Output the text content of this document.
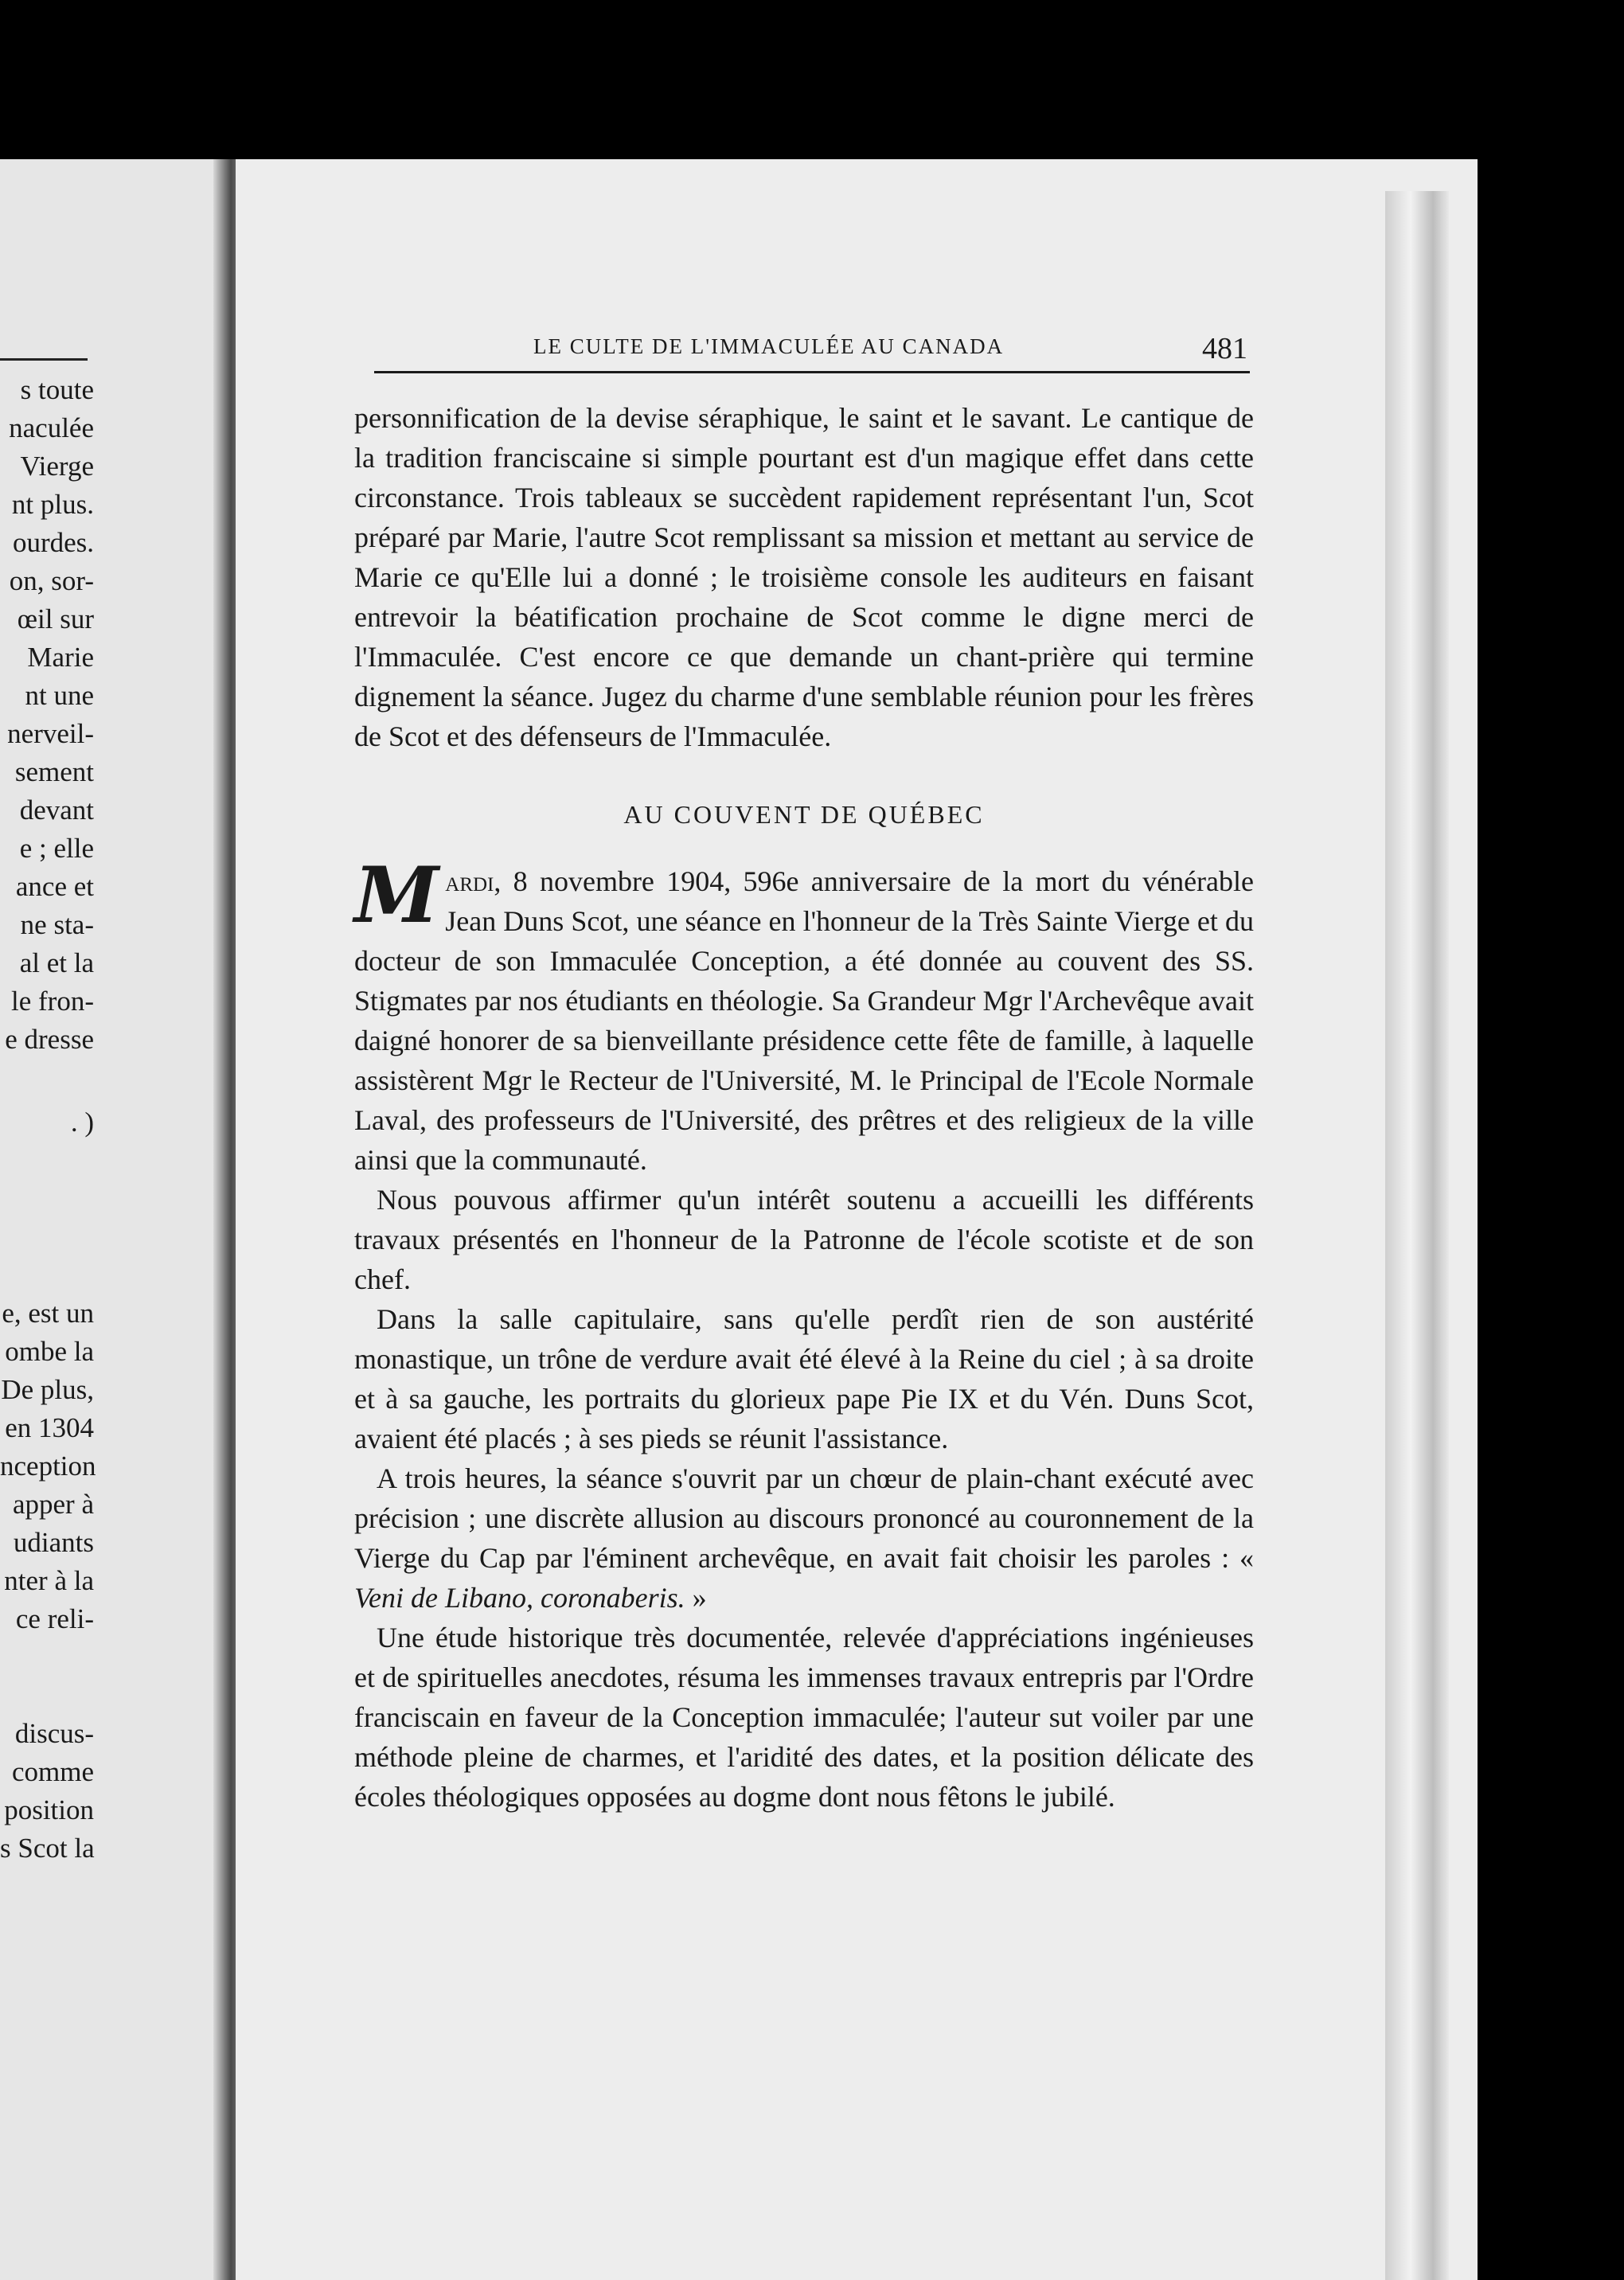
s toute
naculée
Vierge
nt plus.
ourdes.
on, sor-
œil sur
Marie
nt une
nerveil-
sement
devant
e ; elle
ance et
ne sta-
al et la
le fron-
e dresse
. )
e, est un
ombe la
De plus,
en 1304
nception
apper à
udiants
nter à la
ce reli-
discus-
comme
position
s Scot la
LE CULTE DE L'IMMACULÉE AU CANADA	481

personnification de la devise séraphique, le saint et le savant. Le cantique de la tradition franciscaine si simple pourtant est d'un magique effet dans cette circonstance. Trois tableaux se succèdent rapidement représentant l'un, Scot préparé par Marie, l'autre Scot remplissant sa mission et mettant au service de Marie ce qu'Elle lui a donné ; le troisième console les auditeurs en faisant entrevoir la béatification prochaine de Scot comme le digne merci de l'Immaculée. C'est encore ce que demande un chant-prière qui termine dignement la séance. Jugez du charme d'une semblable réunion pour les frères de Scot et des défenseurs de l'Immaculée.

AU COUVENT DE QUÉBEC

Mardi, 8 novembre 1904, 596e anniversaire de la mort du vénérable Jean Duns Scot, une séance en l'honneur de la Très Sainte Vierge et du docteur de son Immaculée Conception, a été donnée au couvent des SS. Stigmates par nos étudiants en théologie. Sa Grandeur Mgr l'Archevêque avait daigné honorer de sa bienveillante présidence cette fête de famille, à laquelle assistèrent Mgr le Recteur de l'Université, M. le Principal de l'Ecole Normale Laval, des professeurs de l'Université, des prêtres et des religieux de la ville ainsi que la communauté.

Nous pouvous affirmer qu'un intérêt soutenu a accueilli les différents travaux présentés en l'honneur de la Patronne de l'école scotiste et de son chef.

Dans la salle capitulaire, sans qu'elle perdît rien de son austérité monastique, un trône de verdure avait été élevé à la Reine du ciel ; à sa droite et à sa gauche, les portraits du glorieux pape Pie IX et du Vén. Duns Scot, avaient été placés ; à ses pieds se réunit l'assistance.

A trois heures, la séance s'ouvrit par un chœur de plain-chant exécuté avec précision ; une discrète allusion au discours prononcé au couronnement de la Vierge du Cap par l'éminent archevêque, en avait fait choisir les paroles : « Veni de Libano, coronaberis. »

Une étude historique très documentée, relevée d'appréciations ingénieuses et de spirituelles anecdotes, résuma les immenses travaux entrepris par l'Ordre franciscain en faveur de la Conception immaculée; l'auteur sut voiler par une méthode pleine de charmes, et l'aridité des dates, et la position délicate des écoles théologiques opposées au dogme dont nous fêtons le jubilé.
